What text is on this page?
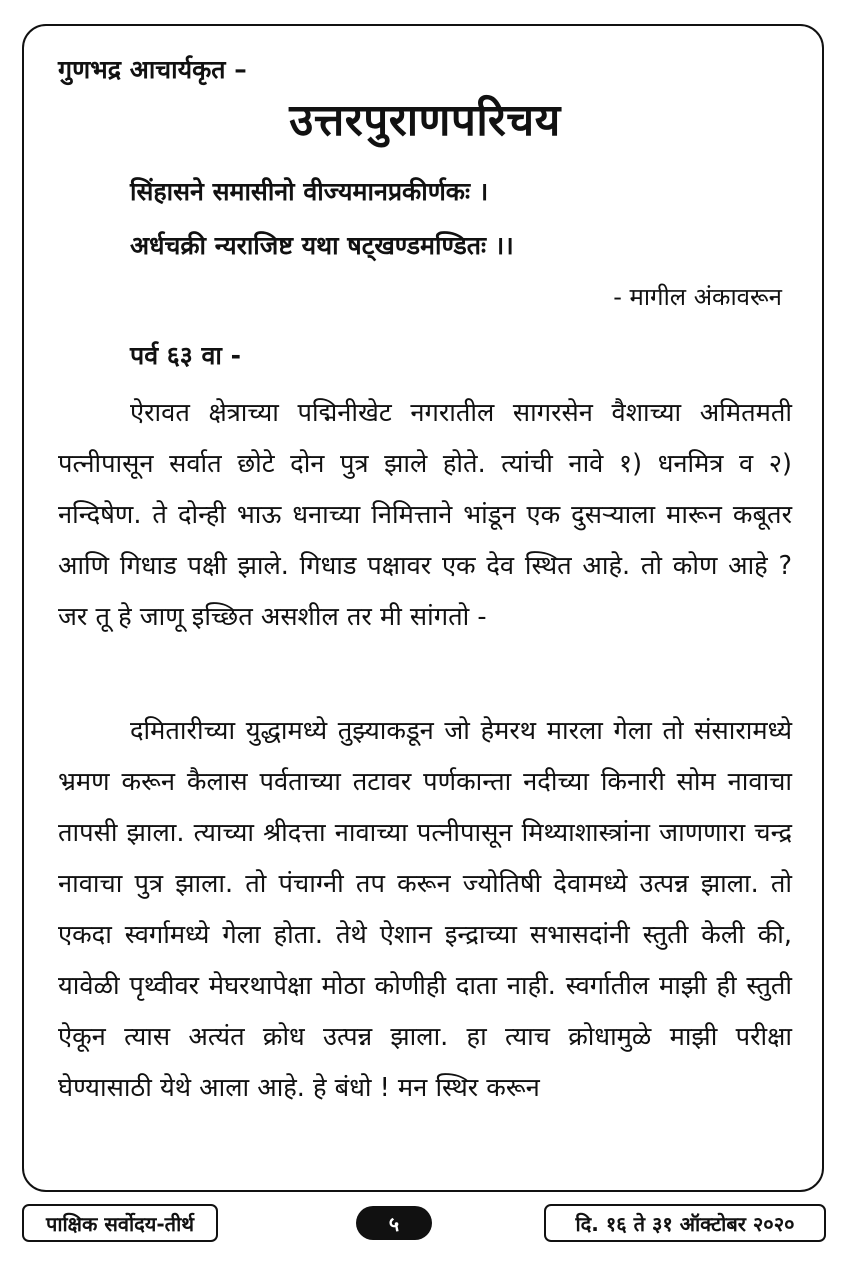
गुणभद्र आचार्यकृत –
उत्तरपुराणपरिचय
सिंहासने समासीनो वीज्यमानप्रकीर्णकः ।
अर्धचक्री न्यराजिष्ट यथा षट्खण्डमण्डितः ।।
- मागील अंकावरून
पर्व ६३ वा -

ऐरावत क्षेत्राच्या पद्मिनीखेट नगरातील सागरसेन वैशाच्या अमितमती पत्नीपासून सर्वात छोटे दोन पुत्र झाले होते. त्यांची नावे १) धनमित्र व २) नन्दिषेण. ते दोन्ही भाऊ धनाच्या निमित्ताने भांडून एक दुसऱ्याला मारून कबूतर आणि गिधाड पक्षी झाले. गिधाड पक्षावर एक देव स्थित आहे. तो कोण आहे ? जर तू हे जाणू इच्छित असशील तर मी सांगतो -

दमितारीच्या युद्धामध्ये तुझ्याकडून जो हेमरथ मारला गेला तो संसारामध्ये भ्रमण करून कैलास पर्वताच्या तटावर पर्णकान्ता नदीच्या किनारी सोम नावाचा तापसी झाला. त्याच्या श्रीदत्ता नावाच्या पत्नीपासून मिथ्याशास्त्रांना जाणणारा चन्द्र नावाचा पुत्र झाला. तो पंचाग्नी तप करून ज्योतिषी देवामध्ये उत्पन्न झाला. तो एकदा स्वर्गामध्ये गेला होता. तेथे ऐशान इन्द्राच्या सभासदांनी स्तुती केली की, यावेळी पृथ्वीवर मेघरथापेक्षा मोठा कोणीही दाता नाही. स्वर्गातील माझी ही स्तुती ऐकून त्यास अत्यंत क्रोध उत्पन्न झाला. हा त्याच क्रोधामुळे माझी परीक्षा घेण्यासाठी येथे आला आहे. हे बंधो ! मन स्थिर करून

पाक्षिक सर्वोदय-तीर्थ	५	दि. १६ ते ३१ ऑक्टोबर २०२०
